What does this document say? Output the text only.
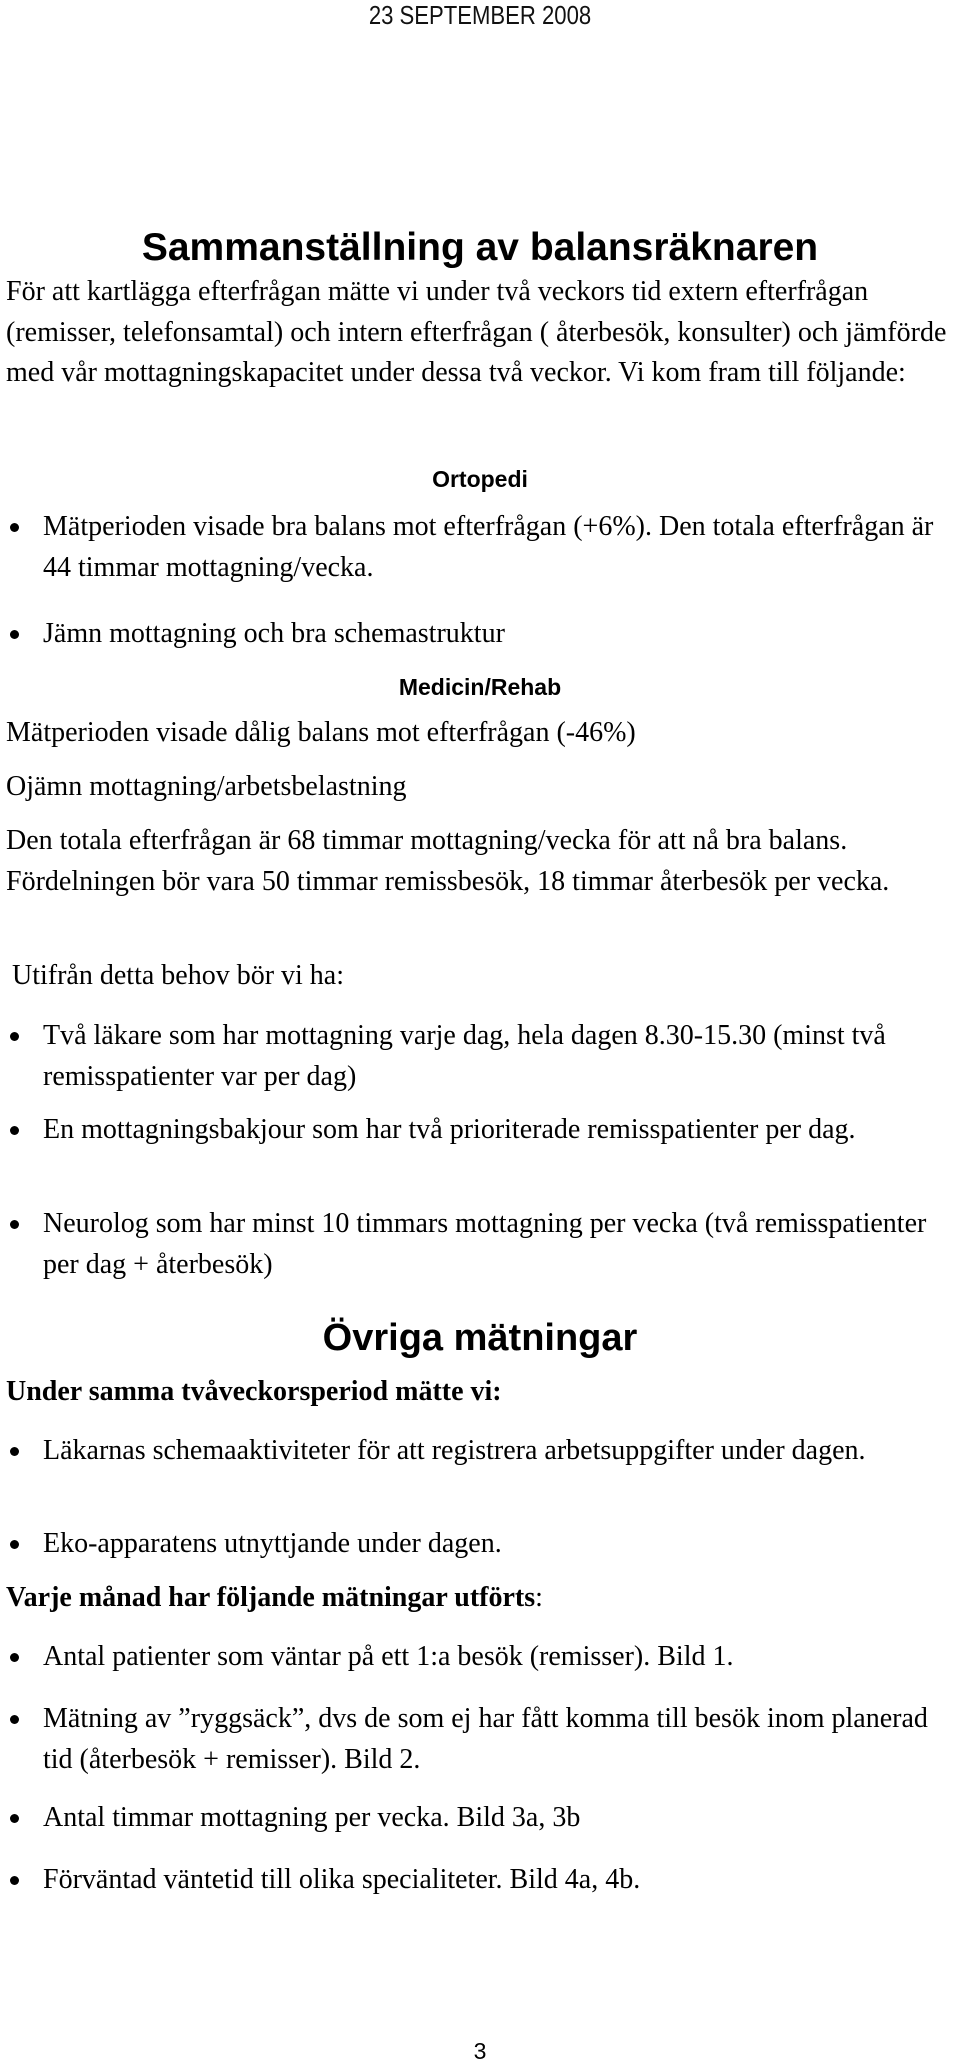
23 SEPTEMBER 2008
Sammanställning av balansräknaren

För att kartlägga efterfrågan mätte vi under två veckors tid extern efterfrågan (remisser, telefonsamtal) och intern efterfrågan ( återbesök, konsulter) och jämförde med vår mottagningskapacitet under dessa två veckor. Vi kom fram till följande:

Ortopedi

Mätperioden visade bra balans mot efterfrågan (+6%). Den totala efterfrågan är 44 timmar mottagning/vecka.

Jämn mottagning och bra schemastruktur

Medicin/Rehab

Mätperioden visade dålig balans mot efterfrågan (-46%)

Ojämn mottagning/arbetsbelastning

Den totala efterfrågan är 68 timmar mottagning/vecka för att nå bra balans. Fördelningen bör vara 50 timmar remissbesök, 18 timmar återbesök per vecka.

Utifrån detta behov bör vi ha:

Två läkare som har mottagning varje dag, hela dagen 8.30-15.30 (minst två remisspatienter var per dag)

En mottagningsbakjour som har två prioriterade remisspatienter per dag.

Neurolog som har minst 10 timmars mottagning per vecka (två remisspatienter per dag + återbesök)

Övriga mätningar

Under samma tvåveckorsperiod mätte vi:

Läkarnas schemaaktiviteter för att registrera arbetsuppgifter under dagen.

Eko-apparatens utnyttjande under dagen.

Varje månad har följande mätningar utförts:

Antal patienter som väntar på ett 1:a besök (remisser). Bild 1.

Mätning av ”ryggsäck”, dvs de som ej har fått komma till besök inom planerad tid (återbesök + remisser). Bild 2.

Antal timmar mottagning per vecka. Bild 3a, 3b

Förväntad väntetid till olika specialiteter. Bild 4a, 4b.

3
